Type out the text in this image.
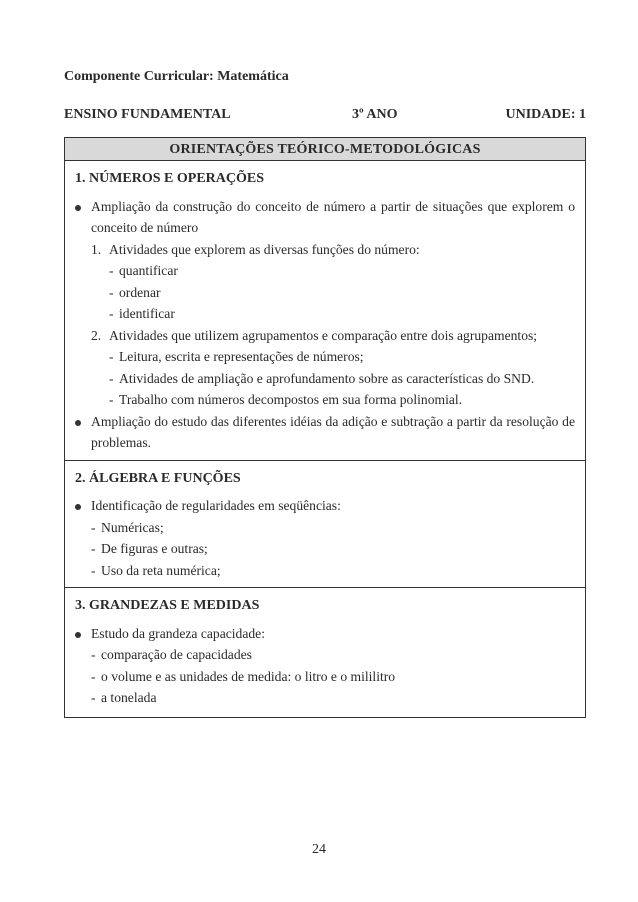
Componente Curricular: Matemática
ENSINO FUNDAMENTAL	3º ANO	UNIDADE: 1
ORIENTAÇÕES TEÓRICO-METODOLÓGICAS
1. NÚMEROS E OPERAÇÕES
Ampliação da construção do conceito de número a partir de situações que explorem o conceito de número
1. Atividades que explorem as diversas funções do número:
- quantificar
- ordenar
- identificar
2. Atividades que utilizem agrupamentos e comparação entre dois agrupamentos;
- Leitura, escrita e representações de números;
- Atividades de ampliação e aprofundamento sobre as características do SND.
- Trabalho com números decompostos em sua forma polinomial.
Ampliação do estudo das diferentes idéias da adição e subtração a partir da resolução de problemas.
2. ÁLGEBRA E FUNÇÕES
Identificação de regularidades em seqüências:
- Numéricas;
- De figuras e outras;
- Uso da reta numérica;
3. GRANDEZAS E MEDIDAS
Estudo da grandeza capacidade:
- comparação de capacidades
- o volume e as unidades de medida: o litro e o mililitro
- a tonelada
24
